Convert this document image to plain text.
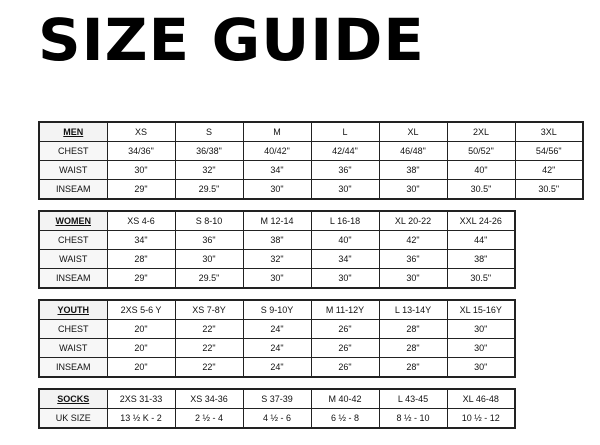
SIZE GUIDE
MEN	XS	S	M	L	XL	2XL	3XL
CHEST	34/36"	36/38"	40/42"	42/44"	46/48"	50/52"	54/56"
WAIST	30"	32"	34"	36"	38"	40"	42"
INSEAM	29"	29.5"	30"	30"	30"	30.5"	30.5"
WOMEN	XS 4-6	S 8-10	M 12-14	L 16-18	XL 20-22	XXL 24-26
CHEST	34"	36"	38"	40"	42"	44"
WAIST	28"	30"	32"	34"	36"	38"
INSEAM	29"	29.5"	30"	30"	30"	30.5"
YOUTH	2XS 5-6 Y	XS 7-8Y	S 9-10Y	M 11-12Y	L 13-14Y	XL 15-16Y
CHEST	20"	22"	24"	26"	28"	30"
WAIST	20"	22"	24"	26"	28"	30"
INSEAM	20"	22"	24"	26"	28"	30"
SOCKS	2XS 31-33	XS 34-36	S 37-39	M 40-42	L 43-45	XL 46-48
UK SIZE	13 ½ K - 2	2 ½ - 4	4 ½ - 6	6 ½ - 8	8 ½ - 10	10 ½ - 12
